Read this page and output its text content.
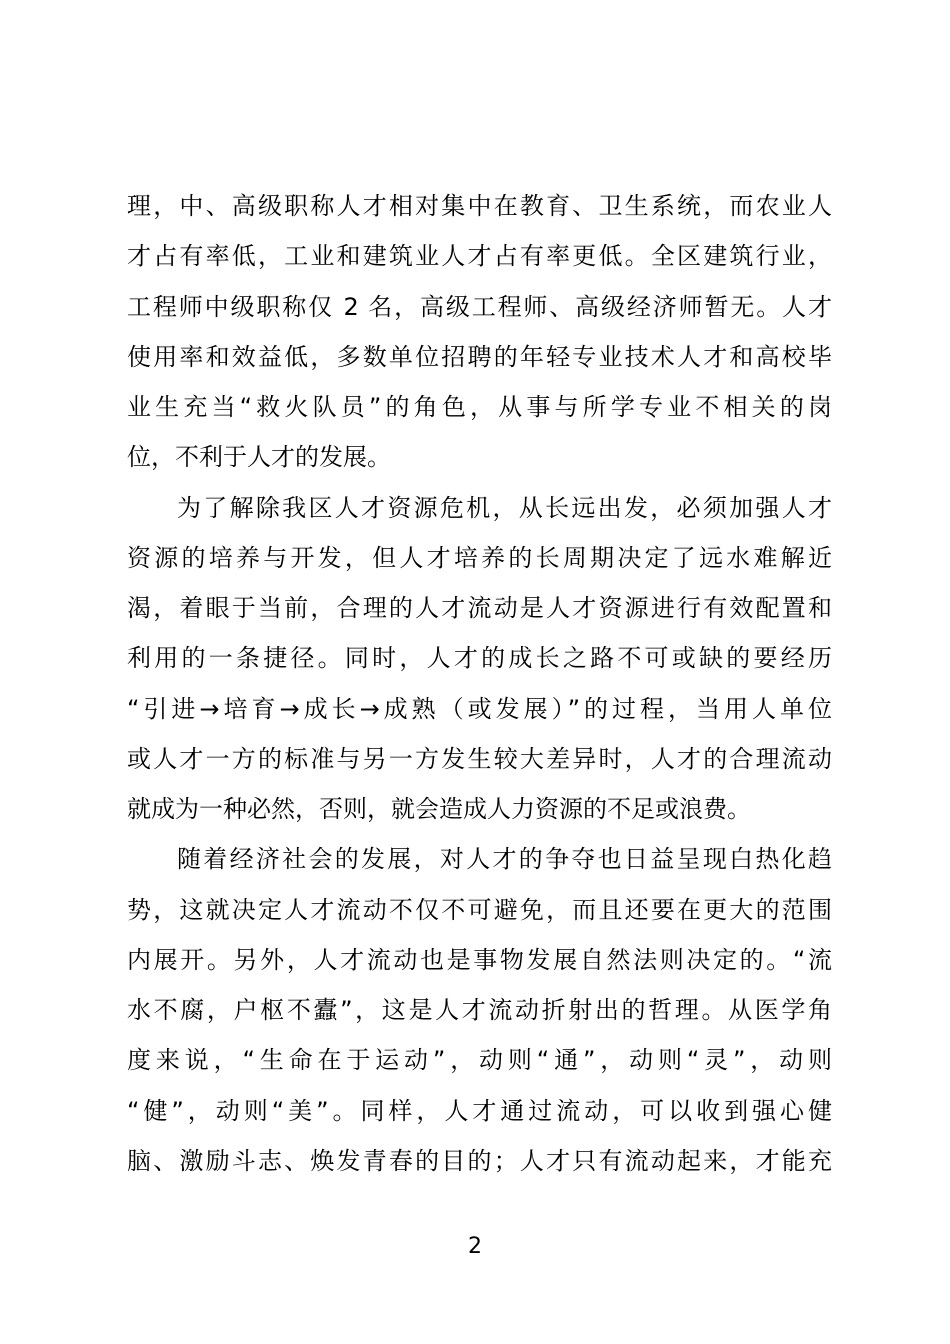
理，中、高级职称人才相对集中在教育、卫生系统，而农业人
才占有率低，工业和建筑业人才占有率更低。全区建筑行业，
工程师中级职称仅 2 名，高级工程师、高级经济师暂无。人才
使用率和效益低，多数单位招聘的年轻专业技术人才和高校毕
业生充当“救火队员”的角色，从事与所学专业不相关的岗
位，不利于人才的发展。
为了解除我区人才资源危机，从长远出发，必须加强人才
资源的培养与开发，但人才培养的长周期决定了远水难解近
渴，着眼于当前，合理的人才流动是人才资源进行有效配置和
利用的一条捷径。同时，人才的成长之路不可或缺的要经历
“引进→培育→成长→成熟（或发展）”的过程，当用人单位
或人才一方的标准与另一方发生较大差异时，人才的合理流动
就成为一种必然，否则，就会造成人力资源的不足或浪费。
随着经济社会的发展，对人才的争夺也日益呈现白热化趋
势，这就决定人才流动不仅不可避免，而且还要在更大的范围
内展开。另外，人才流动也是事物发展自然法则决定的。“流
水不腐，户枢不蠹”，这是人才流动折射出的哲理。从医学角
度来说，“生命在于运动”，动则“通”，动则“灵”，动则
“健”，动则“美”。同样，人才通过流动，可以收到强心健
脑、激励斗志、焕发青春的目的；人才只有流动起来，才能充
2
